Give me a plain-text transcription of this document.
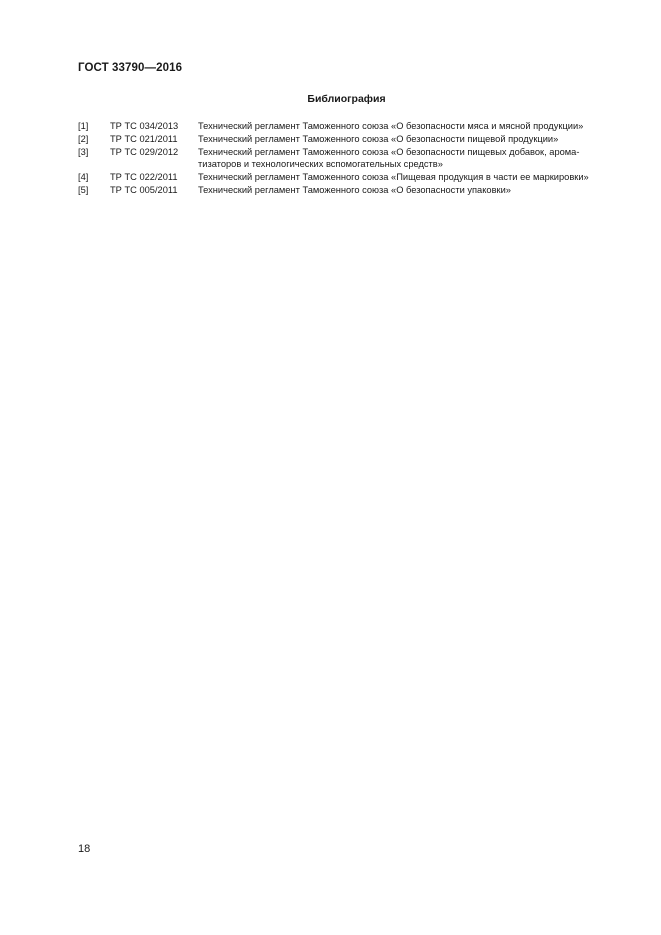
ГОСТ 33790—2016
Библиография
[1]	ТР ТС 034/2013	Технический регламент Таможенного союза «О безопасности мяса и мясной продукции»
[2]	ТР ТС 021/2011	Технический регламент Таможенного союза «О безопасности пищевой продукции»
[3]	ТР ТС 029/2012	Технический регламент Таможенного союза «О безопасности пищевых добавок, арома-
тизаторов и технологических вспомогательных средств»
[4]	ТР ТС 022/2011	Технический регламент Таможенного союза «Пищевая продукция в части ее маркировки»
[5]	ТР ТС 005/2011	Технический регламент Таможенного союза «О безопасности упаковки»
18
